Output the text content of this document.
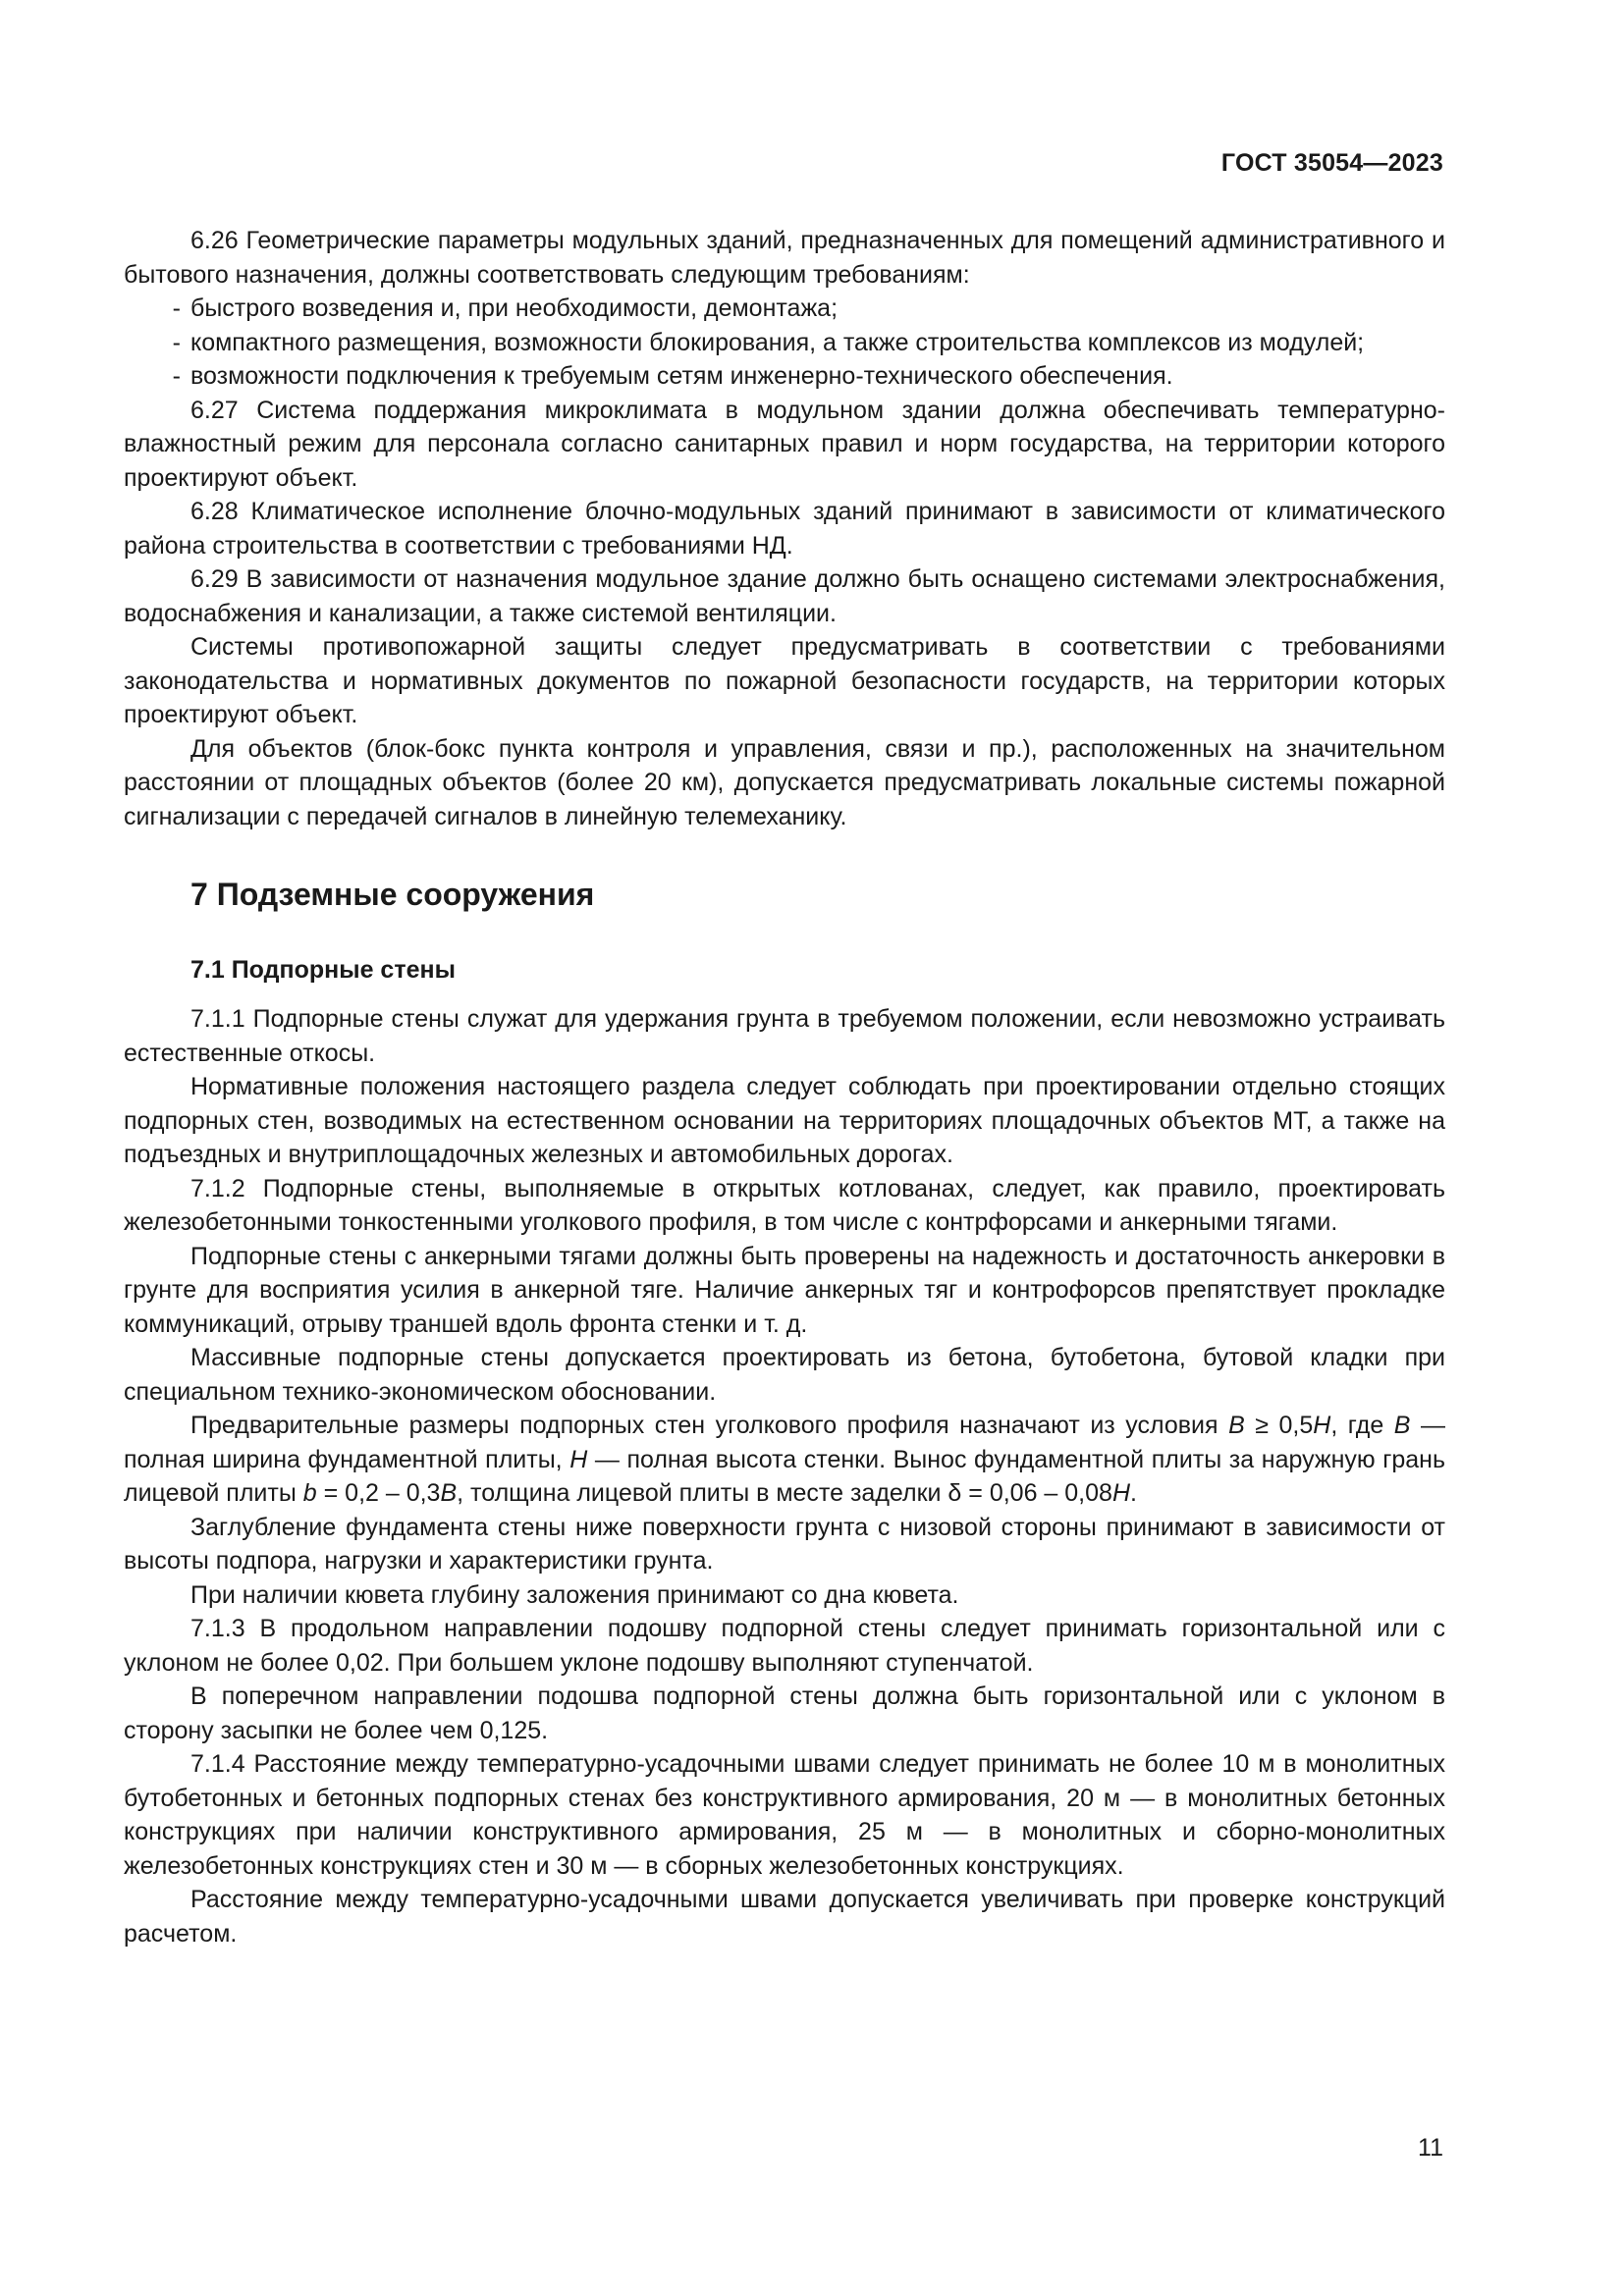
ГОСТ 35054—2023

6.26 Геометрические параметры модульных зданий, предназначенных для помещений административного и бытового назначения, должны соответствовать следующим требованиям:

- быстрого возведения и, при необходимости, демонтажа;

- компактного размещения, возможности блокирования, а также строительства комплексов из модулей;

- возможности подключения к требуемым сетям инженерно-технического обеспечения.

6.27 Система поддержания микроклимата в модульном здании должна обеспечивать температурно-влажностный режим для персонала согласно санитарных правил и норм государства, на территории которого проектируют объект.

6.28 Климатическое исполнение блочно-модульных зданий принимают в зависимости от климатического района строительства в соответствии с требованиями НД.

6.29 В зависимости от назначения модульное здание должно быть оснащено системами электроснабжения, водоснабжения и канализации, а также системой вентиляции.

Системы противопожарной защиты следует предусматривать в соответствии с требованиями законодательства и нормативных документов по пожарной безопасности государств, на территории которых проектируют объект.

Для объектов (блок-бокс пункта контроля и управления, связи и пр.), расположенных на значительном расстоянии от площадных объектов (более 20 км), допускается предусматривать локальные системы пожарной сигнализации с передачей сигналов в линейную телемеханику.

7 Подземные сооружения
7.1 Подпорные стены

7.1.1 Подпорные стены служат для удержания грунта в требуемом положении, если невозможно устраивать естественные откосы.

Нормативные положения настоящего раздела следует соблюдать при проектировании отдельно стоящих подпорных стен, возводимых на естественном основании на территориях площадочных объектов МТ, а также на подъездных и внутриплощадочных железных и автомобильных дорогах.

7.1.2 Подпорные стены, выполняемые в открытых котлованах, следует, как правило, проектировать железобетонными тонкостенными уголкового профиля, в том числе с контрфорсами и анкерными тягами.

Подпорные стены с анкерными тягами должны быть проверены на надежность и достаточность анкеровки в грунте для восприятия усилия в анкерной тяге. Наличие анкерных тяг и контрофорсов препятствует прокладке коммуникаций, отрыву траншей вдоль фронта стенки и т. д.

Массивные подпорные стены допускается проектировать из бетона, бутобетона, бутовой кладки при специальном технико-экономическом обосновании.

Предварительные размеры подпорных стен уголкового профиля назначают из условия B ≥ 0,5H, где B — полная ширина фундаментной плиты, H — полная высота стенки. Вынос фундаментной плиты за наружную грань лицевой плиты b = 0,2 – 0,3B, толщина лицевой плиты в месте заделки δ = 0,06 – 0,08H.

Заглубление фундамента стены ниже поверхности грунта с низовой стороны принимают в зависимости от высоты подпора, нагрузки и характеристики грунта.

При наличии кювета глубину заложения принимают со дна кювета.

7.1.3 В продольном направлении подошву подпорной стены следует принимать горизонтальной или с уклоном не более 0,02. При большем уклоне подошву выполняют ступенчатой.

В поперечном направлении подошва подпорной стены должна быть горизонтальной или с уклоном в сторону засыпки не более чем 0,125.

7.1.4 Расстояние между температурно-усадочными швами следует принимать не более 10 м в монолитных бутобетонных и бетонных подпорных стенах без конструктивного армирования, 20 м — в монолитных бетонных конструкциях при наличии конструктивного армирования, 25 м — в монолитных и сборно-монолитных железобетонных конструкциях стен и 30 м — в сборных железобетонных конструкциях.

Расстояние между температурно-усадочными швами допускается увеличивать при проверке конструкций расчетом.

11
